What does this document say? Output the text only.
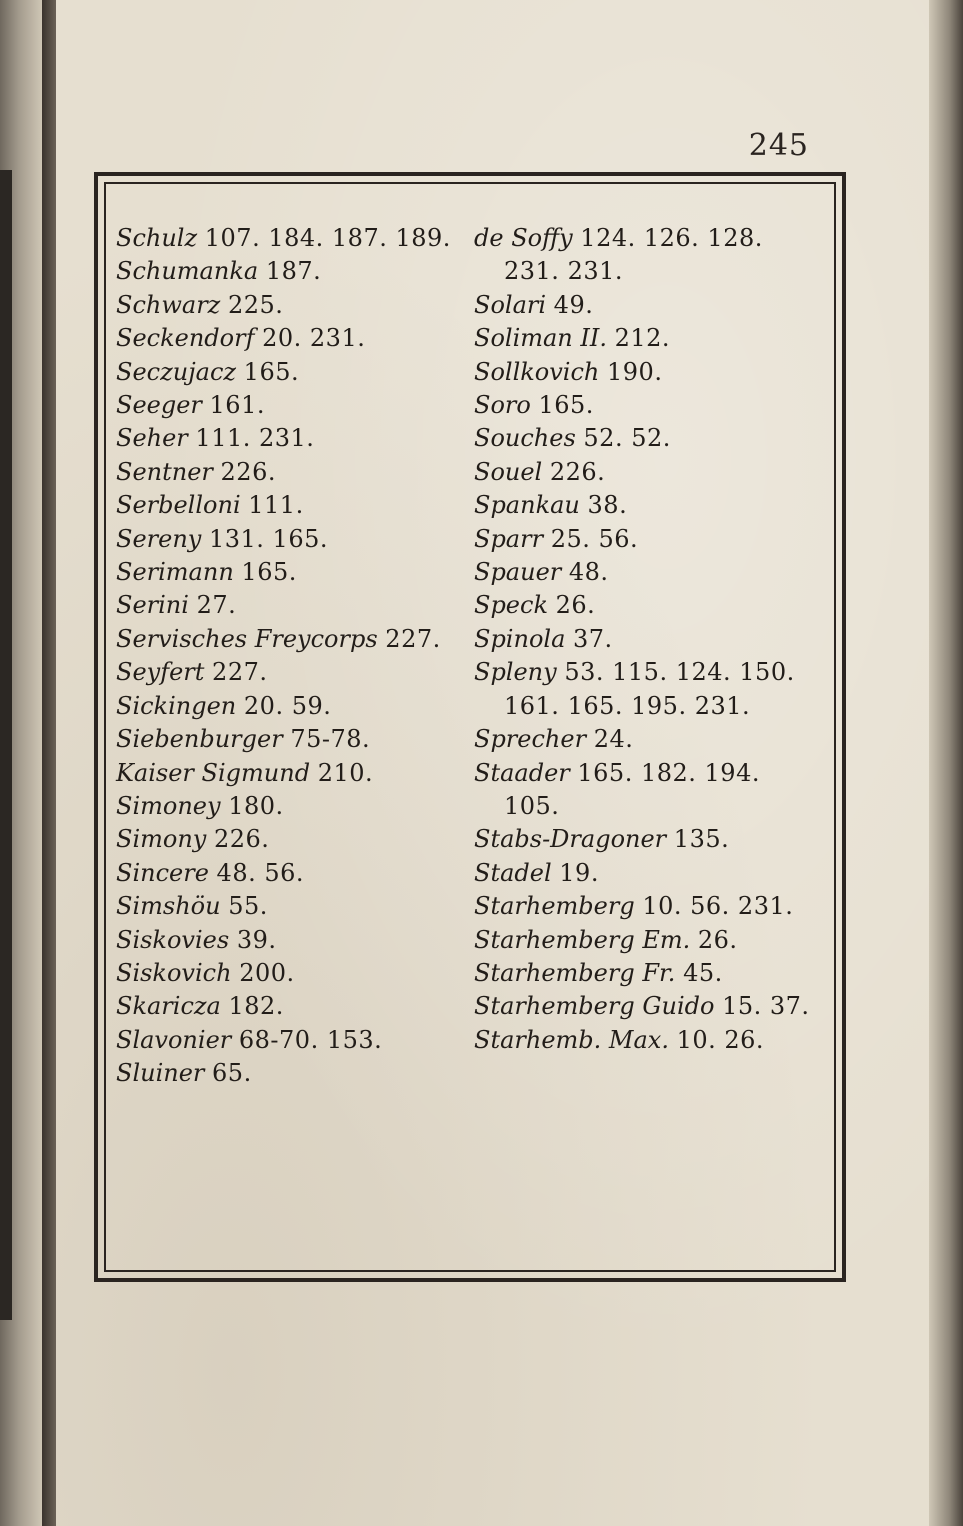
245
Schulz 107. 184. 187. 189.
Schumanka 187.
Schwarz 225.
Seckendorf 20. 231.
Seczujacz 165.
Seeger 161.
Seher 111. 231.
Sentner 226.
Serbelloni 111.
Sereny 131. 165.
Serimann 165.
Serini 27.
Servisches Freycorps 227.
Seyfert 227.
Sickingen 20. 59.
Siebenburger 75-78.
Kaiser Sigmund 210.
Simoney 180.
Simony 226.
Sincere 48. 56.
Simshöu 55.
Siskovies 39.
Siskovich 200.
Skaricza 182.
Slavonier 68-70. 153.
Sluiner 65.
de Soffy 124. 126. 128. 231. 231.
Solari 49.
Soliman II. 212.
Sollkovich 190.
Soro 165.
Souches 52. 52.
Souel 226.
Spankau 38.
Sparr 25. 56.
Spauer 48.
Speck 26.
Spinola 37.
Spleny 53. 115. 124. 150. 161. 165. 195. 231.
Sprecher 24.
Staader 165. 182. 194. 105.
Stabs-Dragoner 135.
Stadel 19.
Starhemberg 10. 56. 231.
Starhemberg Em. 26.
Starhemberg Fr. 45.
Starhemberg Guido 15. 37.
Starhemb. Max. 10. 26.
